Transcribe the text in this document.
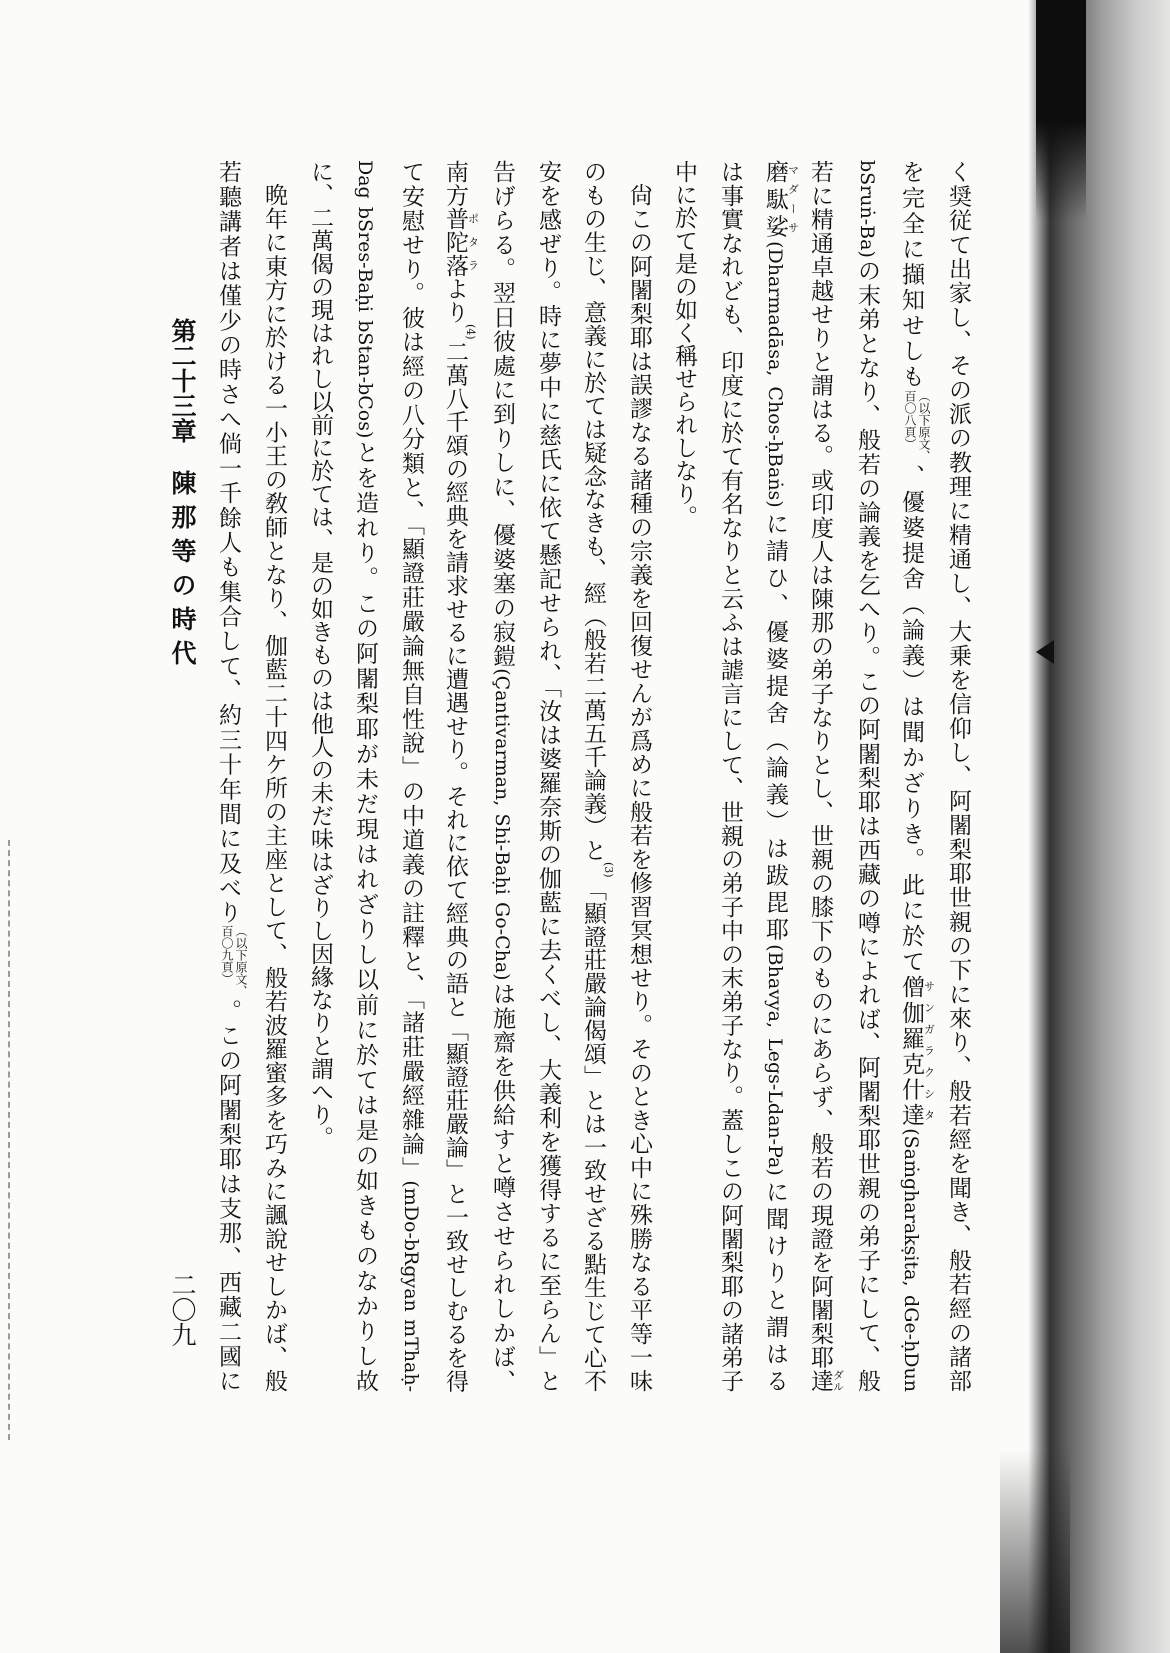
第二十三章
陳那等の時代
二〇九	く奨従て出家し、その派の教理に精通し、大乗を信仰し、阿闍梨耶世親の下に來り、般若經を聞き、般若經の諸部
を完全に擷知せしも
（以下原文、
百〇八頁）
、優婆提舍（論義）は聞かざりき。此に於て僧伽羅克什達サンガラクシタ(Saṁgharakṣita, dGe-ḥDun
bSruṅ-Ba)の末弟となり、般若の論義を乞へり。この阿闍梨耶は西藏の噂によれば、阿闍梨耶世親の弟子にして、般
若に精通卓越せりと謂はる。或印度人は陳那の弟子なりとし、世親の膝下のものにあらず、般若の現證を阿闍梨耶達ダル
磨駄娑マダーサ(Dharmadāsa, Chos-ḥBaṅs)に請ひ、優婆提舍（論義）は跋毘耶(Bhavya, Legs-Ldan-Pa)に聞けりと謂はる
は事實なれども、印度に於て有名なりと云ふは謔言にして、世親の弟子中の末弟子なり。蓋しこの阿闍梨耶の諸弟子
中に於て是の如く稱せられしなり。
尙この阿闍梨耶は誤謬なる諸種の宗義を回復せんが爲めに般若を修習冥想せり。そのとき心中に殊勝なる平等一味
のもの生じ、意義に於ては疑念なきも、經（般若二萬五千論義）と(3)「顯證莊嚴論偈頌」とは一致せざる點生じて心不
安を感ぜり。時に夢中に慈氏に依て懸記せられ、「汝は婆羅奈斯の伽藍に去くべし、大義利を獲得するに至らん」と
告げらる。翌日彼處に到りしに、優婆塞の寂鎧(Çantivarman, Shi-Baḥi Go-Cha)は施齋を供給すと噂させられしかば、
南方普陀落ポタラより(4)二萬八千頌の經典を請求せるに遭遇せり。それに依て經典の語と「顯證莊嚴論」と一致せしむるを得
て安慰せり。彼は經の八分類と、「顯證莊嚴論無自性說」の中道義の註釋と、「諸莊嚴經雜論」(mDo-bRgyan mThaḥ-
Dag bSres-Baḥi bStan-bCos)とを造れり。この阿闍梨耶が未だ現はれざりし以前に於ては是の如きものなかりし故
に、二萬偈の現はれし以前に於ては、是の如きものは他人の未だ味はざりし因緣なりと謂へり。
晩年に東方に於ける一小王の敎師となり、伽藍二十四ケ所の主座として、般若波羅蜜多を巧みに諷說せしかば、般
若聽講者は僅少の時さへ倘一千餘人も集合して、約三十年間に及べり
（以下原文、
百〇九頁）
。この阿闍梨耶は支那、西藏二國に
